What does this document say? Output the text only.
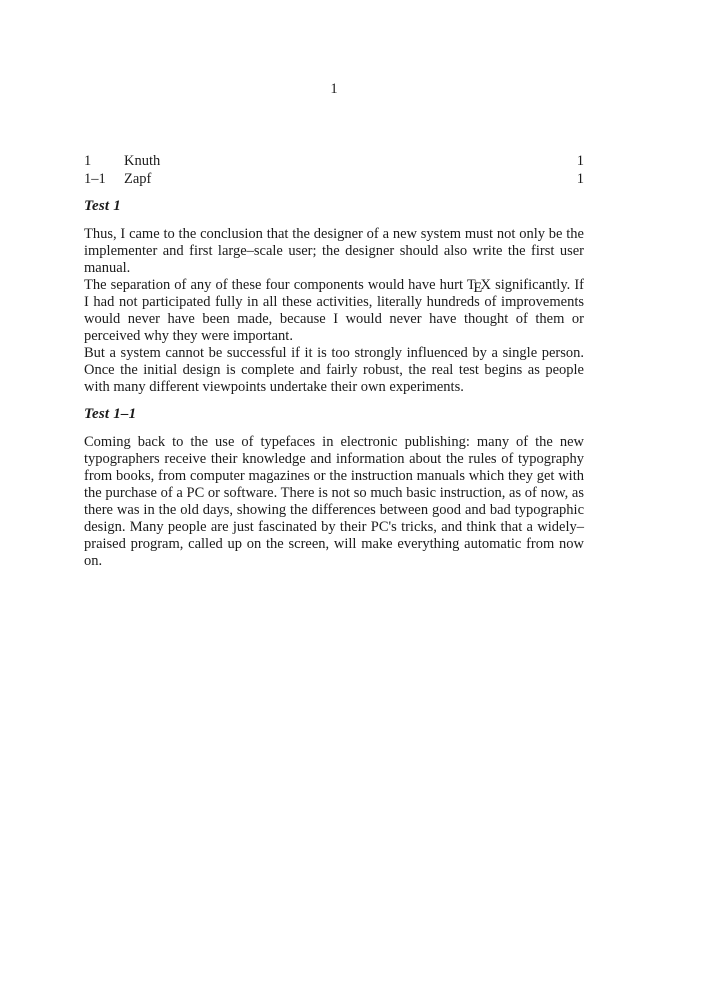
1
1	Knuth	1
1–1	Zapf	1
Test 1

Thus, I came to the conclusion that the designer of a new system must not only be the implementer and first large–scale user; the designer should also write the first user manual.

The separation of any of these four components would have hurt TEX significantly. If I had not participated fully in all these activities, literally hundreds of improvements would never have been made, because I would never have thought of them or perceived why they were important.

But a system cannot be successful if it is too strongly influenced by a single person. Once the initial design is complete and fairly robust, the real test begins as people with many different viewpoints undertake their own experiments.

Test 1–1

Coming back to the use of typefaces in electronic publishing: many of the new typographers receive their knowledge and information about the rules of typography from books, from computer magazines or the instruction manuals which they get with the purchase of a PC or software. There is not so much basic instruction, as of now, as there was in the old days, showing the differences between good and bad typographic design. Many people are just fascinated by their PC's tricks, and think that a widely–praised program, called up on the screen, will make everything automatic from now on.
